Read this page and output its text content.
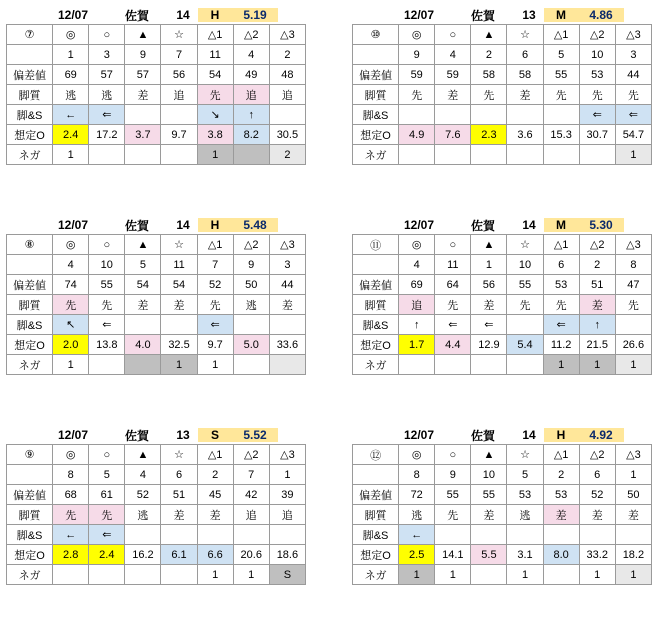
12/07	佐賀	14	H	5.19
⑦	◎	○	▲	☆	△1	△2	△3
	1	3	9	7	11	4	2
偏差値	69	57	57	56	54	49	48
脚質	逃	逃	差	追	先	追	追
脚&S	←	⇐			↘	↑	
想定O	2.4	17.2	3.7	9.7	3.8	8.2	30.5
ネガ	1				1		2
12/07	佐賀	13	M	4.86
⑩	◎	○	▲	☆	△1	△2	△3
	9	4	2	6	5	10	3
偏差値	59	59	58	58	55	53	44
脚質	先	差	先	差	先	先	先
脚&S						⇐	⇐
想定O	4.9	7.6	2.3	3.6	15.3	30.7	54.7
ネガ							1
12/07	佐賀	14	H	5.48
⑧	◎	○	▲	☆	△1	△2	△3
	4	10	5	11	7	9	3
偏差値	74	55	54	54	52	50	44
脚質	先	先	差	差	先	逃	差
脚&S	↖	⇐			⇐		
想定O	2.0	13.8	4.0	32.5	9.7	5.0	33.6
ネガ	1			1	1		
12/07	佐賀	14	M	5.30
⑪	◎	○	▲	☆	△1	△2	△3
	4	11	1	10	6	2	8
偏差値	69	64	56	55	53	51	47
脚質	追	先	差	先	先	差	先
脚&S	↑	⇐	⇐		⇐	↑	
想定O	1.7	4.4	12.9	5.4	11.2	21.5	26.6
ネガ					1	1	1
12/07	佐賀	13	S	5.52
⑨	◎	○	▲	☆	△1	△2	△3
	8	5	4	6	2	7	1
偏差値	68	61	52	51	45	42	39
脚質	先	先	逃	差	差	追	追
脚&S	←	⇐					
想定O	2.8	2.4	16.2	6.1	6.6	20.6	18.6
ネガ					1	1	S
12/07	佐賀	14	H	4.92
⑫	◎	○	▲	☆	△1	△2	△3
	8	9	10	5	2	6	1
偏差値	72	55	55	53	53	52	50
脚質	逃	先	差	逃	差	差	差
脚&S	←						
想定O	2.5	14.1	5.5	3.1	8.0	33.2	18.2
ネガ	1	1		1		1	1
